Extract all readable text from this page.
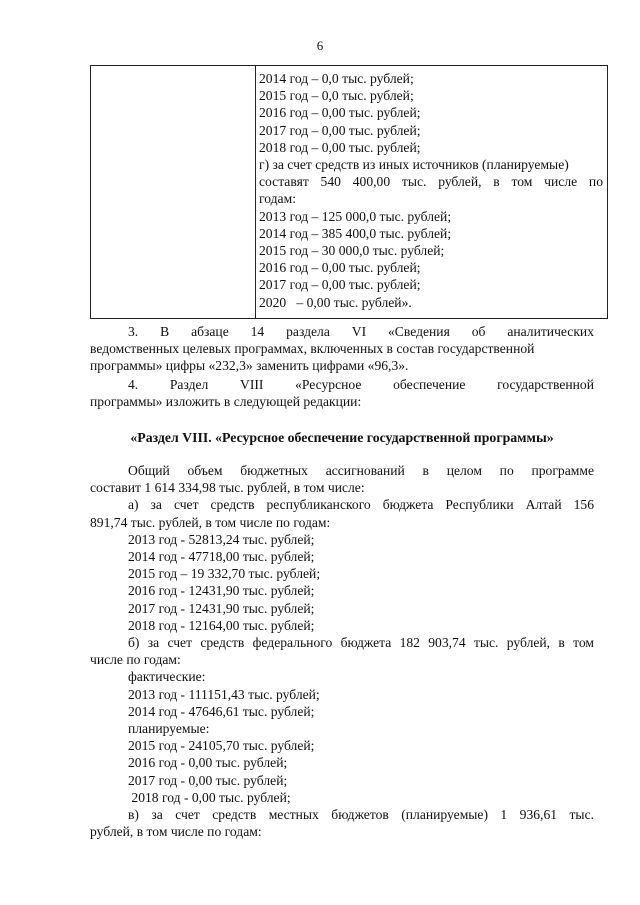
6
2014 год – 0,0 тыс. рублей;
2015 год – 0,0 тыс. рублей;
2016 год – 0,00 тыс. рублей;
2017 год – 0,00 тыс. рублей;
2018 год – 0,00 тыс. рублей;
г) за счет средств из иных источников (планируемые)
составят 540 400,00 тыс. рублей, в том числе по
годам:
2013 год – 125 000,0 тыс. рублей;
2014 год – 385 400,0 тыс. рублей;
2015 год – 30 000,0 тыс. рублей;
2016 год – 0,00 тыс. рублей;
2017 год – 0,00 тыс. рублей;
2020   – 0,00 тыс. рублей».
3. В абзаце 14 раздела VI «Сведения об аналитических
ведомственных целевых программах, включенных в состав государственной
программы» цифры «232,3» заменить цифрами «96,3».
4. Раздел VIII «Ресурсное обеспечение государственной
программы» изложить в следующей редакции:
«Раздел VIII. «Ресурсное обеспечение государственной программы»
Общий объем бюджетных ассигнований в целом по программе
составит 1 614 334,98 тыс. рублей, в том числе:
а) за счет средств республиканского бюджета Республики Алтай 156
891,74 тыс. рублей, в том числе по годам:
2013 год - 52813,24 тыс. рублей;
2014 год - 47718,00 тыс. рублей;
2015 год – 19 332,70 тыс. рублей;
2016 год - 12431,90 тыс. рублей;
2017 год - 12431,90 тыс. рублей;
2018 год - 12164,00 тыс. рублей;
б) за счет средств федерального бюджета 182 903,74 тыс. рублей, в том
числе по годам:
фактические:
2013 год - 111151,43 тыс. рублей;
2014 год - 47646,61 тыс. рублей;
планируемые:
2015 год - 24105,70 тыс. рублей;
2016 год - 0,00 тыс. рублей;
2017 год - 0,00 тыс. рублей;
2018 год - 0,00 тыс. рублей;
в) за счет средств местных бюджетов (планируемые) 1 936,61 тыс.
рублей, в том числе по годам:
